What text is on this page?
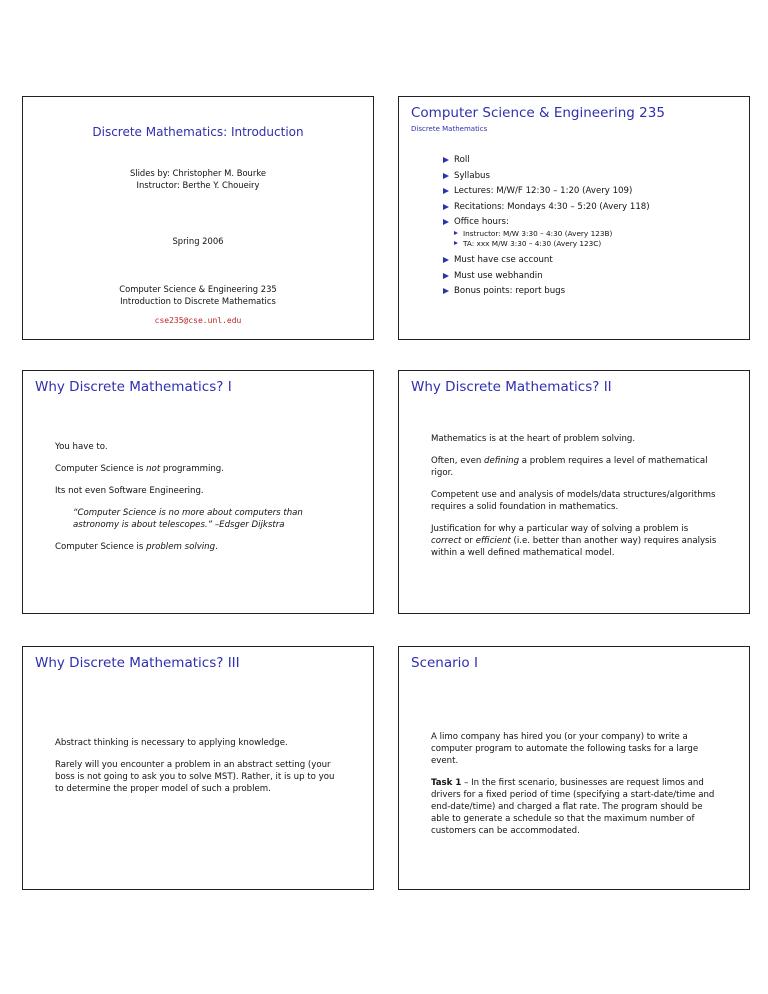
Discrete Mathematics: Introduction
Slides by: Christopher M. Bourke
Instructor: Berthe Y. Choueiry
Spring 2006
Computer Science & Engineering 235
Introduction to Discrete Mathematics
cse235@cse.unl.edu
Computer Science & Engineering 235
Discrete Mathematics
Roll
Syllabus
Lectures: M/W/F 12:30 – 1:20 (Avery 109)
Recitations: Mondays 4:30 – 5:20 (Avery 118)
Office hours:
Instructor: M/W 3:30 – 4:30 (Avery 123B)
TA: xxx M/W 3:30 – 4:30 (Avery 123C)
Must have cse account
Must use webhandin
Bonus points: report bugs
Why Discrete Mathematics? I

You have to.

Computer Science is not programming.

Its not even Software Engineering.

“Computer Science is no more about computers than
astronomy is about telescopes.” –Edsger Dijkstra

Computer Science is problem solving.

Why Discrete Mathematics? II

Mathematics is at the heart of problem solving.

Often, even defining a problem requires a level of mathematical
rigor.

Competent use and analysis of models/data structures/algorithms
requires a solid foundation in mathematics.

Justification for why a particular way of solving a problem is
correct or efficient (i.e. better than another way) requires analysis
within a well defined mathematical model.

Why Discrete Mathematics? III

Abstract thinking is necessary to applying knowledge.

Rarely will you encounter a problem in an abstract setting (your
boss is not going to ask you to solve MST). Rather, it is up to you
to determine the proper model of such a problem.

Scenario I

A limo company has hired you (or your company) to write a
computer program to automate the following tasks for a large
event.

Task 1 – In the first scenario, businesses are request limos and
drivers for a fixed period of time (specifying a start-date/time and
end-date/time) and charged a flat rate. The program should be
able to generate a schedule so that the maximum number of
customers can be accommodated.
